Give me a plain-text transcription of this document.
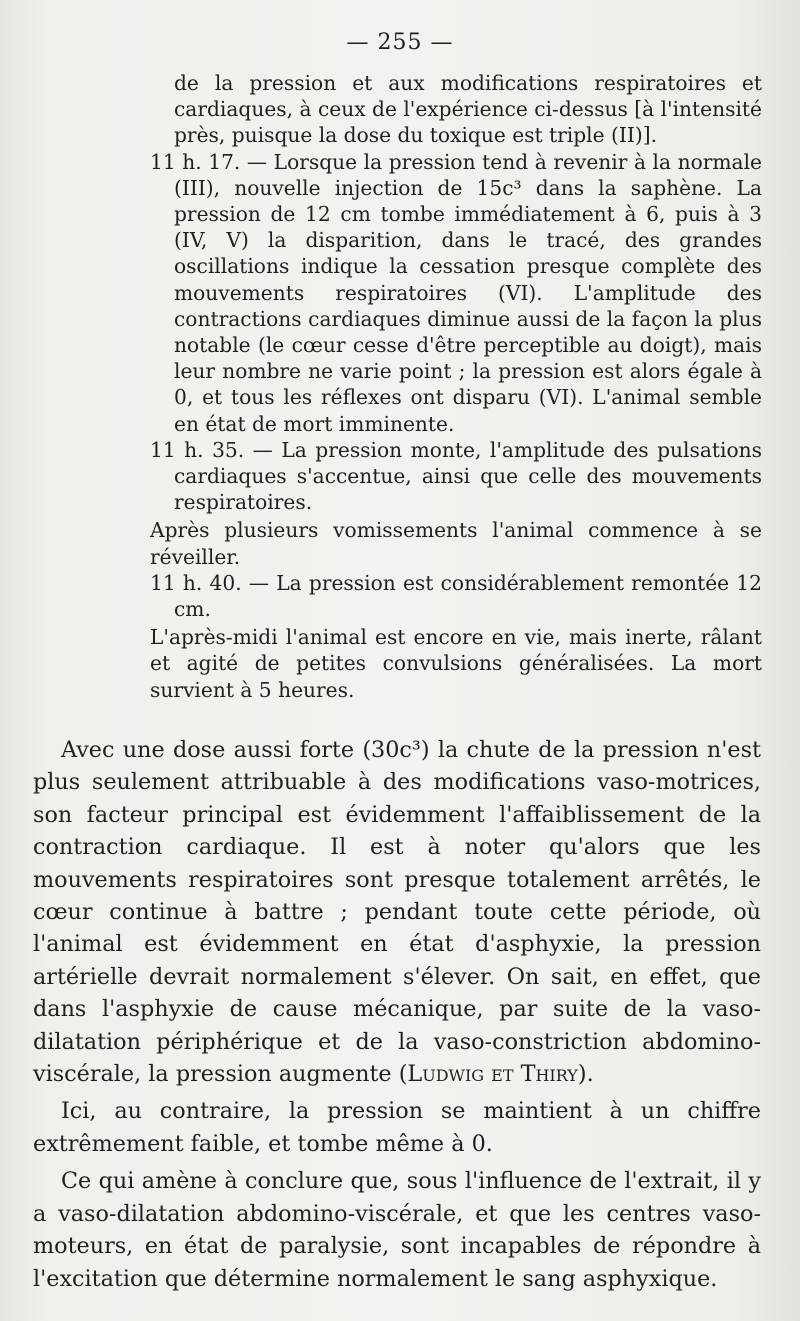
— 255 —

de la pression et aux modifications respiratoires et cardiaques, à ceux de l'expérience ci-dessus [à l'intensité près, puisque la dose du toxique est triple (II)].

11 h. 17. — Lorsque la pression tend à revenir à la normale (III), nouvelle injection de 15c³ dans la saphène. La pression de 12 cm tombe immédiatement à 6, puis à 3 (IV, V) la disparition, dans le tracé, des grandes oscillations indique la cessation presque complète des mouvements respiratoires (VI). L'amplitude des contractions cardiaques diminue aussi de la façon la plus notable (le cœur cesse d'être perceptible au doigt), mais leur nombre ne varie point ; la pression est alors égale à 0, et tous les réflexes ont disparu (VI). L'animal semble en état de mort imminente.

11 h. 35. — La pression monte, l'amplitude des pulsations cardiaques s'accentue, ainsi que celle des mouvements respiratoires.

Après plusieurs vomissements l'animal commence à se réveiller.

11 h. 40. — La pression est considérablement remontée 12 cm.

L'après-midi l'animal est encore en vie, mais inerte, râlant et agité de petites convulsions généralisées. La mort survient à 5 heures.

Avec une dose aussi forte (30c³) la chute de la pression n'est plus seulement attribuable à des modifications vaso-motrices, son facteur principal est évidemment l'affaiblissement de la contraction cardiaque. Il est à noter qu'alors que les mouvements respiratoires sont presque totalement arrêtés, le cœur continue à battre ; pendant toute cette période, où l'animal est évidemment en état d'asphyxie, la pression artérielle devrait normalement s'élever. On sait, en effet, que dans l'asphyxie de cause mécanique, par suite de la vaso-dilatation périphérique et de la vaso-constriction abdomino-viscérale, la pression augmente (Ludwig et Thiry).

Ici, au contraire, la pression se maintient à un chiffre extrêmement faible, et tombe même à 0.

Ce qui amène à conclure que, sous l'influence de l'extrait, il y a vaso-dilatation abdomino-viscérale, et que les centres vaso-moteurs, en état de paralysie, sont incapables de répondre à l'excitation que détermine normalement le sang asphyxique.
